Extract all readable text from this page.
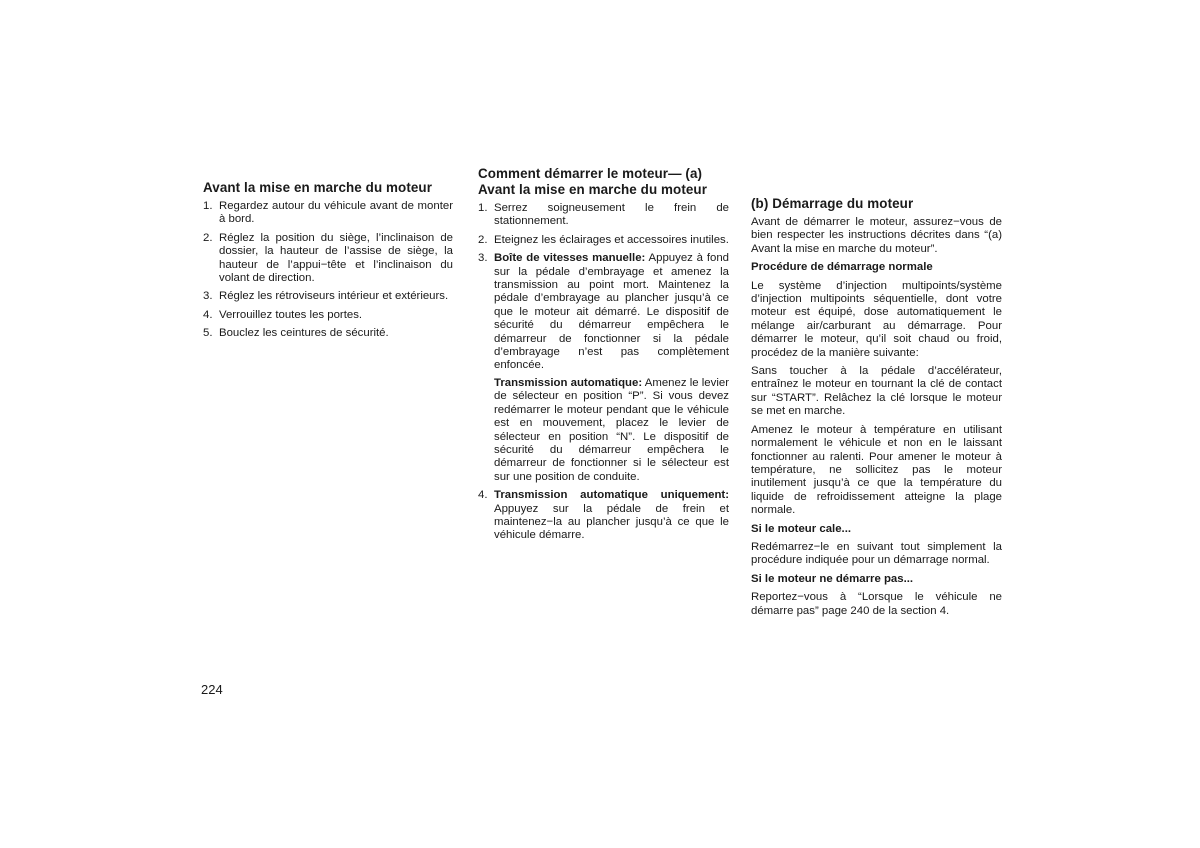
Avant la mise en marche du moteur
1. Regardez autour du véhicule avant de monter à bord.
2. Réglez la position du siège, l’inclinaison de dossier, la hauteur de l’assise de siège, la hauteur de l’appui−tête et l’inclinaison du volant de direction.
3. Réglez les rétroviseurs intérieur et extérieurs.
4. Verrouillez toutes les portes.
5. Bouclez les ceintures de sécurité.
Comment démarrer le moteur— (a) Avant la mise en marche du moteur
1. Serrez soigneusement le frein de stationnement.
2. Eteignez les éclairages et accessoires inutiles.
3. Boîte de vitesses manuelle: Appuyez à fond sur la pédale d’embrayage et amenez la transmission au point mort. Maintenez la pédale d’embrayage au plancher jusqu’à ce que le moteur ait démarré. Le dispositif de sécurité du démarreur empêchera le démarreur de fonctionner si la pédale d’embrayage n’est pas complètement enfoncée.
Transmission automatique: Amenez le levier de sélecteur en position “P”. Si vous devez redémarrer le moteur pendant que le véhicule est en mouvement, placez le levier de sélecteur en position “N”. Le dispositif de sécurité du démarreur empêchera le démarreur de fonctionner si le sélecteur est sur une position de conduite.
4. Transmission automatique uniquement: Appuyez sur la pédale de frein et maintenez−la au plancher jusqu’à ce que le véhicule démarre.
(b) Démarrage du moteur

Avant de démarrer le moteur, assurez−vous de bien respecter les instructions décrites dans “(a) Avant la mise en marche du moteur”.

Procédure de démarrage normale

Le système d’injection multipoints/système d’injection multipoints séquentielle, dont votre moteur est équipé, dose automatiquement le mélange air/carburant au démarrage. Pour démarrer le moteur, qu’il soit chaud ou froid, procédez de la manière suivante:

Sans toucher à la pédale d’accélérateur, entraînez le moteur en tournant la clé de contact sur “START”. Relâchez la clé lorsque le moteur se met en marche.

Amenez le moteur à température en utilisant normalement le véhicule et non en le laissant fonctionner au ralenti. Pour amener le moteur à température, ne sollicitez pas le moteur inutilement jusqu’à ce que la température du liquide de refroidissement atteigne la plage normale.

Si le moteur cale...

Redémarrez−le en suivant tout simplement la procédure indiquée pour un démarrage normal.

Si le moteur ne démarre pas...

Reportez−vous à “Lorsque le véhicule ne démarre pas” page 240 de la section 4.

224
